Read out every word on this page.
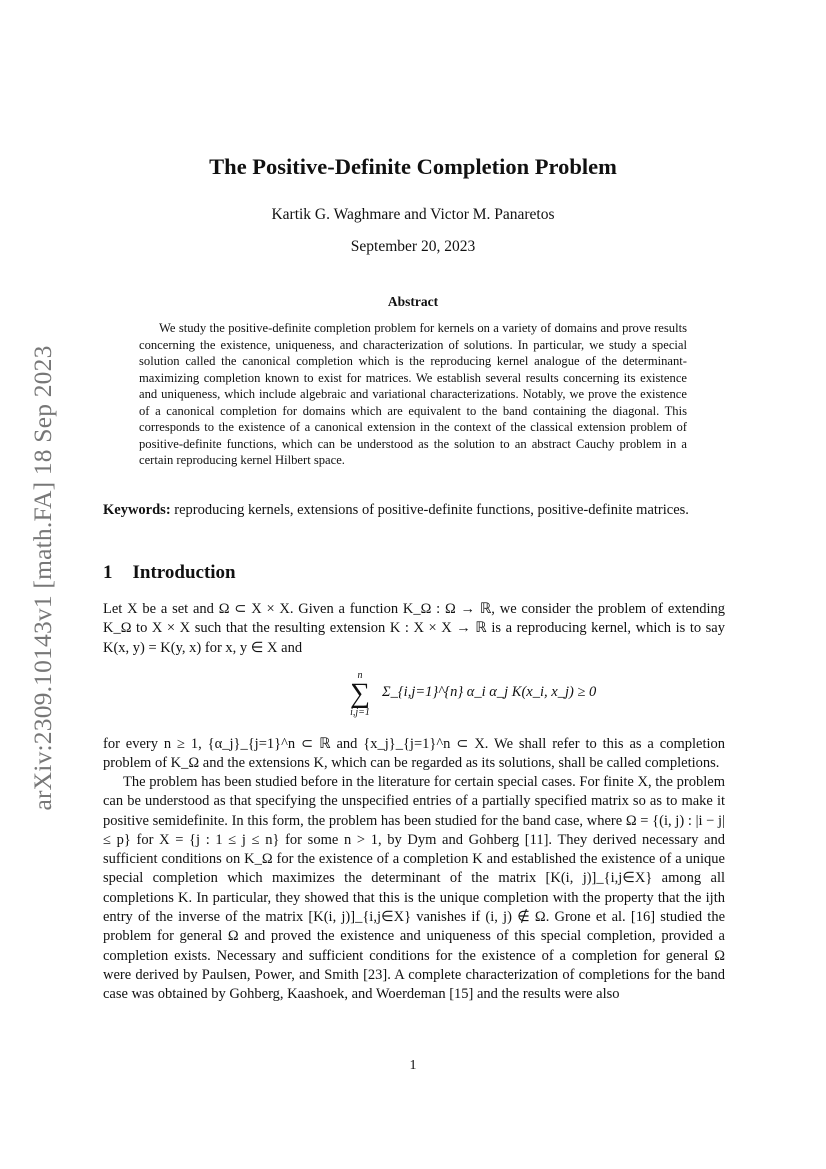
arXiv:2309.10143v1 [math.FA] 18 Sep 2023
The Positive-Definite Completion Problem
Kartik G. Waghmare and Victor M. Panaretos
September 20, 2023
Abstract
We study the positive-definite completion problem for kernels on a variety of domains and prove results concerning the existence, uniqueness, and characterization of solutions. In particular, we study a special solution called the canonical completion which is the reproducing kernel analogue of the determinant-maximizing completion known to exist for matrices. We establish several results concerning its existence and uniqueness, which include algebraic and variational characterizations. Notably, we prove the existence of a canonical completion for domains which are equivalent to the band containing the diagonal. This corresponds to the existence of a canonical extension in the context of the classical extension problem of positive-definite functions, which can be understood as the solution to an abstract Cauchy problem in a certain reproducing kernel Hilbert space.
Keywords: reproducing kernels, extensions of positive-definite functions, positive-definite matrices.
1 Introduction
Let X be a set and Ω ⊂ X × X. Given a function K_Ω : Ω → ℝ, we consider the problem of extending K_Ω to X × X such that the resulting extension K : X × X → ℝ is a reproducing kernel, which is to say K(x, y) = K(y, x) for x, y ∈ X and
n
∑
i,j=1
Σ_{i,j=1}^{n} α_i α_j K(x_i, x_j) ≥ 0
for every n ≥ 1, {α_j}_{j=1}^n ⊂ ℝ and {x_j}_{j=1}^n ⊂ X. We shall refer to this as a completion problem of K_Ω and the extensions K, which can be regarded as its solutions, shall be called completions.
The problem has been studied before in the literature for certain special cases. For finite X, the problem can be understood as that specifying the unspecified entries of a partially specified matrix so as to make it positive semidefinite. In this form, the problem has been studied for the band case, where Ω = {(i, j) : |i − j| ≤ p} for X = {j : 1 ≤ j ≤ n} for some n > 1, by Dym and Gohberg [11]. They derived necessary and sufficient conditions on K_Ω for the existence of a completion K and established the existence of a unique special completion which maximizes the determinant of the matrix [K(i, j)]_{i,j∈X} among all completions K. In particular, they showed that this is the unique completion with the property that the ijth entry of the inverse of the matrix [K(i, j)]_{i,j∈X} vanishes if (i, j) ∉ Ω. Grone et al. [16] studied the problem for general Ω and proved the existence and uniqueness of this special completion, provided a completion exists. Necessary and sufficient conditions for the existence of a completion for general Ω were derived by Paulsen, Power, and Smith [23]. A complete characterization of completions for the band case was obtained by Gohberg, Kaashoek, and Woerdeman [15] and the results were also
1
